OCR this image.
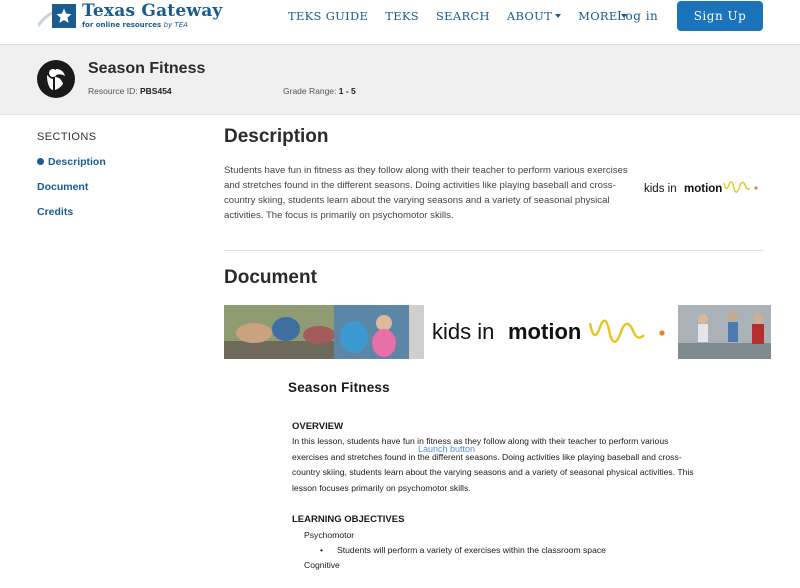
Texas Gateway
for online resources by TEA
TEKS GUIDE TEKS SEARCH ABOUT	MORE Log in	Sign Up
Season Fitness
Resource ID: PBS454	Grade Range: 1 - 5
SECTIONS
Description
Document
Credits
Description
Students have fun in fitness as they follow along with their teacher to perform various exercises and stretches found in the different seasons. Doing activities like playing baseball and cross-country skiing, students learn about the varying seasons and a variety of seasonal physical activities. The focus is primarily on psychomotor skills.
kids in motion
Document
kids in motion
Season Fitness
OVERVIEW
In this lesson, students have fun in fitness as they follow along with their teacher to perform various exercises and stretches found in the different seasons. Doing activities like playing baseball and cross-country skiing, students learn about the varying seasons and a variety of seasonal physical activities. This lesson focuses primarily on psychomotor skills.
LEARNING OBJECTIVES
Psychomotor
• Students will perform a variety of exercises within the classroom space
Cognitive
Launch button
